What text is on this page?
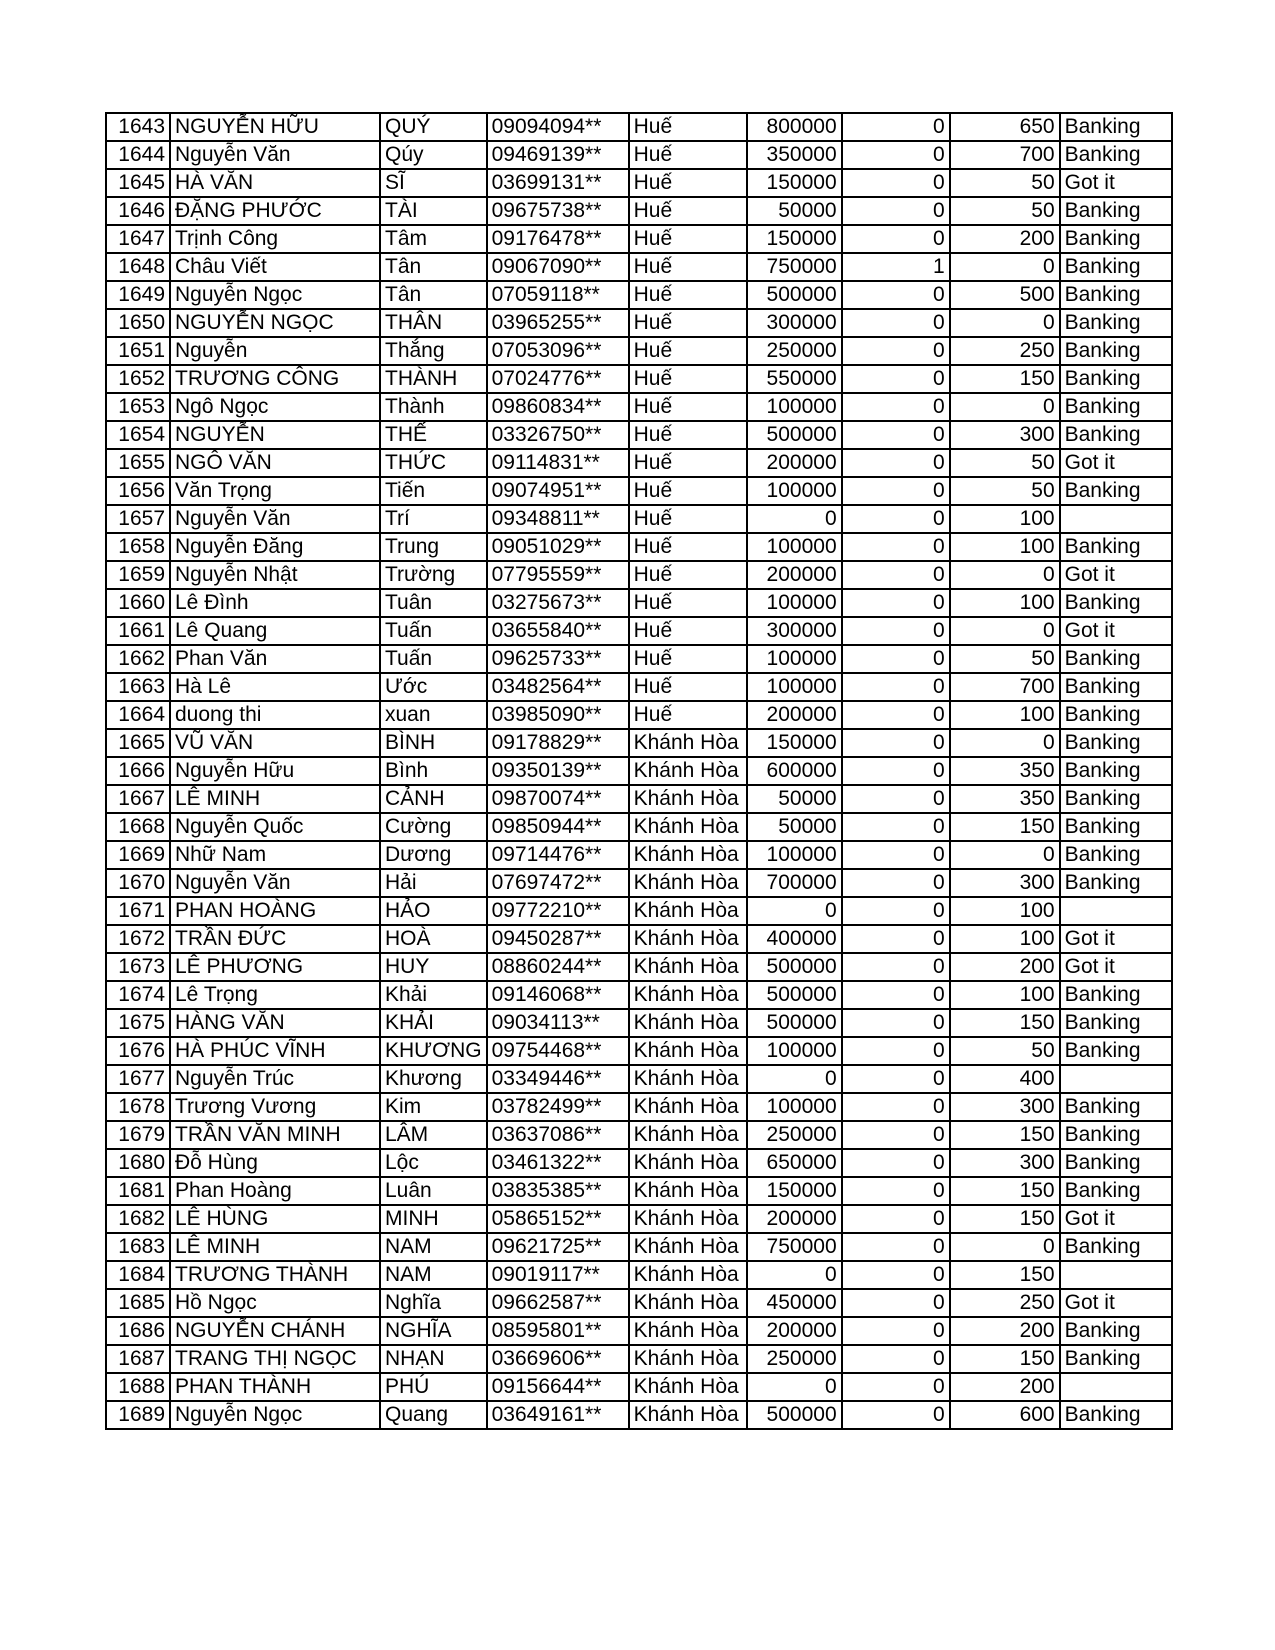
1643	NGUYỄN HỮU	QUÝ	09094094**	Huế	800000	0	650	Banking
1644	Nguyễn Văn	Qúy	09469139**	Huế	350000	0	700	Banking
1645	HÀ VĂN	SĨ	03699131**	Huế	150000	0	50	Got it
1646	ĐẶNG PHƯỚC	TÀI	09675738**	Huế	50000	0	50	Banking
1647	Trịnh Công	Tâm	09176478**	Huế	150000	0	200	Banking
1648	Châu Viết	Tân	09067090**	Huế	750000	1	0	Banking
1649	Nguyễn Ngọc	Tân	07059118**	Huế	500000	0	500	Banking
1650	NGUYỄN NGỌC	THÂN	03965255**	Huế	300000	0	0	Banking
1651	Nguyễn	Thắng	07053096**	Huế	250000	0	250	Banking
1652	TRƯƠNG CÔNG	THÀNH	07024776**	Huế	550000	0	150	Banking
1653	Ngô Ngọc	Thành	09860834**	Huế	100000	0	0	Banking
1654	NGUYỄN	THẾ	03326750**	Huế	500000	0	300	Banking
1655	NGÔ VĂN	THỨC	09114831**	Huế	200000	0	50	Got it
1656	Văn Trọng	Tiến	09074951**	Huế	100000	0	50	Banking
1657	Nguyễn Văn	Trí	09348811**	Huế	0	0	100	
1658	Nguyễn Đăng	Trung	09051029**	Huế	100000	0	100	Banking
1659	Nguyễn Nhật	Trường	07795559**	Huế	200000	0	0	Got it
1660	Lê Đình	Tuân	03275673**	Huế	100000	0	100	Banking
1661	Lê Quang	Tuấn	03655840**	Huế	300000	0	0	Got it
1662	Phan Văn	Tuấn	09625733**	Huế	100000	0	50	Banking
1663	Hà Lê	Ước	03482564**	Huế	100000	0	700	Banking
1664	duong thi	xuan	03985090**	Huế	200000	0	100	Banking
1665	VŨ VĂN	BÌNH	09178829**	Khánh Hòa	150000	0	0	Banking
1666	Nguyễn Hữu	Bình	09350139**	Khánh Hòa	600000	0	350	Banking
1667	LÊ MINH	CẢNH	09870074**	Khánh Hòa	50000	0	350	Banking
1668	Nguyễn Quốc	Cường	09850944**	Khánh Hòa	50000	0	150	Banking
1669	Nhữ Nam	Dương	09714476**	Khánh Hòa	100000	0	0	Banking
1670	Nguyễn Văn	Hải	07697472**	Khánh Hòa	700000	0	300	Banking
1671	PHAN HOÀNG	HẢO	09772210**	Khánh Hòa	0	0	100	
1672	TRẦN ĐỨC	HOÀ	09450287**	Khánh Hòa	400000	0	100	Got it
1673	LÊ PHƯƠNG	HUY	08860244**	Khánh Hòa	500000	0	200	Got it
1674	Lê Trọng	Khải	09146068**	Khánh Hòa	500000	0	100	Banking
1675	HÀNG VĂN	KHẢI	09034113**	Khánh Hòa	500000	0	150	Banking
1676	HÀ PHÚC VĨNH	KHƯƠNG	09754468**	Khánh Hòa	100000	0	50	Banking
1677	Nguyễn Trúc	Khương	03349446**	Khánh Hòa	0	0	400	
1678	Trương Vương	Kim	03782499**	Khánh Hòa	100000	0	300	Banking
1679	TRẦN VĂN MINH	LÂM	03637086**	Khánh Hòa	250000	0	150	Banking
1680	Đỗ Hùng	Lộc	03461322**	Khánh Hòa	650000	0	300	Banking
1681	Phan Hoàng	Luân	03835385**	Khánh Hòa	150000	0	150	Banking
1682	LÊ HÙNG	MINH	05865152**	Khánh Hòa	200000	0	150	Got it
1683	LÊ MINH	NAM	09621725**	Khánh Hòa	750000	0	0	Banking
1684	TRƯƠNG THÀNH	NAM	09019117**	Khánh Hòa	0	0	150	
1685	Hồ Ngọc	Nghĩa	09662587**	Khánh Hòa	450000	0	250	Got it
1686	NGUYỄN CHÁNH	NGHĨA	08595801**	Khánh Hòa	200000	0	200	Banking
1687	TRANG THỊ NGỌC	NHẠN	03669606**	Khánh Hòa	250000	0	150	Banking
1688	PHAN THÀNH	PHÚ	09156644**	Khánh Hòa	0	0	200	
1689	Nguyễn Ngọc	Quang	03649161**	Khánh Hòa	500000	0	600	Banking
